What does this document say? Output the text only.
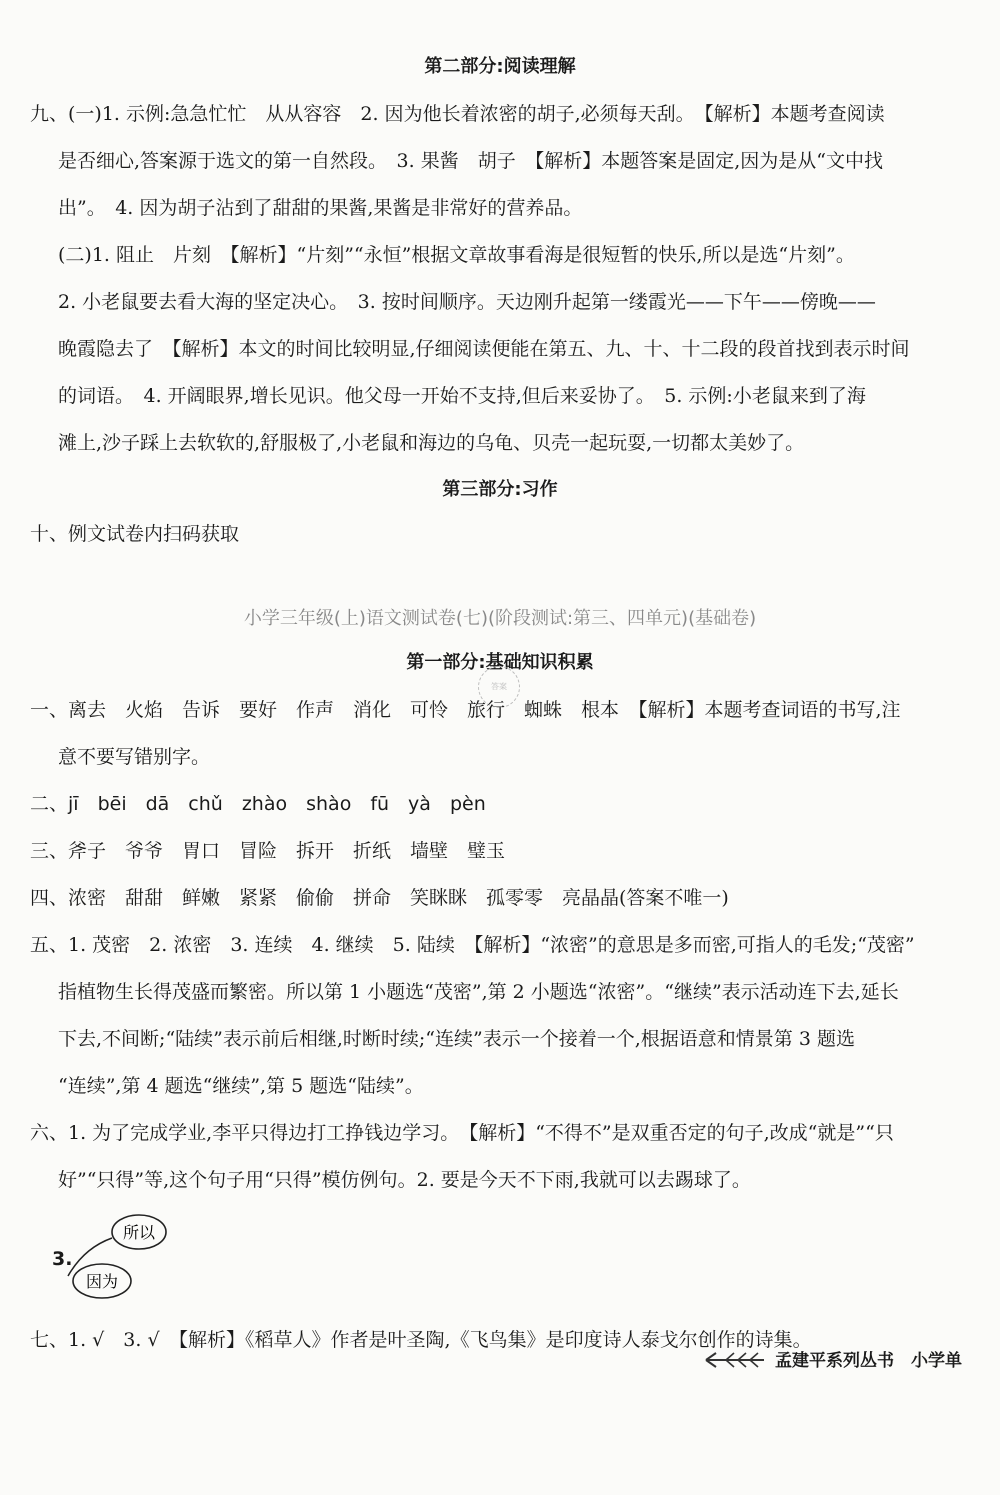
第二部分:阅读理解
九、(一)1. 示例:急急忙忙　从从容容　2. 因为他长着浓密的胡子,必须每天刮。　【解析】本题考查阅读
是否细心,答案源于选文的第一自然段。　3. 果酱　胡子　【解析】本题答案是固定,因为是从“文中找
出”。　4. 因为胡子沾到了甜甜的果酱,果酱是非常好的营养品。
(二)1. 阻止　片刻　【解析】“片刻”“永恒”根据文章故事看海是很短暂的快乐,所以是选“片刻”。
2. 小老鼠要去看大海的坚定决心。　3. 按时间顺序。天边刚升起第一缕霞光——下午——傍晚——
晚霞隐去了　【解析】本文的时间比较明显,仔细阅读便能在第五、九、十、十二段的段首找到表示时间
的词语。　4. 开阔眼界,增长见识。他父母一开始不支持,但后来妥协了。　5. 示例:小老鼠来到了海
滩上,沙子踩上去软软的,舒服极了,小老鼠和海边的乌龟、贝壳一起玩耍,一切都太美妙了。
第三部分:习作
十、例文试卷内扫码获取
小学三年级(上)语文测试卷(七)(阶段测试:第三、四单元)(基础卷)
第一部分:基础知识积累
答案
一、离去　火焰　告诉　要好　作声　消化　可怜　旅行　蜘蛛　根本　【解析】本题考查词语的书写,注
意不要写错别字。
二、jī　bēi　dā　chǔ　zhào　shào　fū　yà　pèn
三、斧子　爷爷　胃口　冒险　拆开　折纸　墙壁　璧玉
四、浓密　甜甜　鲜嫩　紧紧　偷偷　拼命　笑眯眯　孤零零　亮晶晶(答案不唯一)
五、1. 茂密　2. 浓密　3. 连续　4. 继续　5. 陆续　【解析】“浓密”的意思是多而密,可指人的毛发;“茂密”
指植物生长得茂盛而繁密。所以第 1 小题选“茂密”,第 2 小题选“浓密”。“继续”表示活动连下去,延长
下去,不间断;“陆续”表示前后相继,时断时续;“连续”表示一个接着一个,根据语意和情景第 3 题选
“连续”,第 4 题选“继续”,第 5 题选“陆续”。
六、1. 为了完成学业,李平只得边打工挣钱边学习。　【解析】“不得不”是双重否定的句子,改成“就是”“只
好”“只得”等,这个句子用“只得”模仿例句。2. 要是今天不下雨,我就可以去踢球了。
3.
所以
因为
七、1. √　3. √　【解析】《稻草人》作者是叶圣陶,《飞鸟集》是印度诗人泰戈尔创作的诗集。
孟建平系列丛书　小学单
